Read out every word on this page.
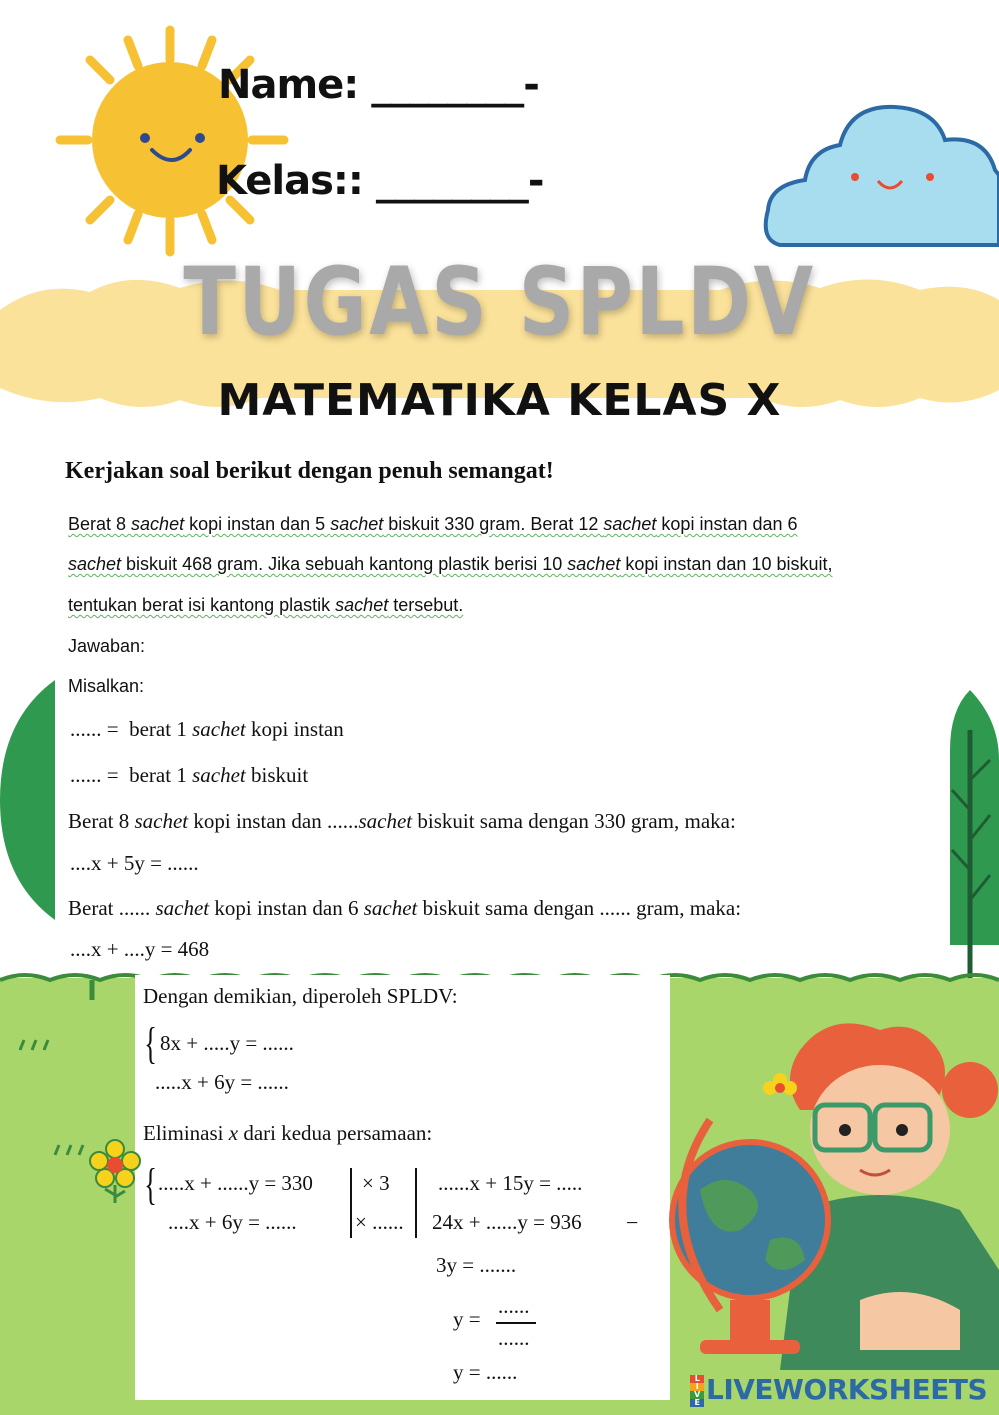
Name: ________-
Kelas:: ________-
TUGAS SPLDV
MATEMATIKA KELAS X
Kerjakan soal berikut dengan penuh semangat!
Berat 8 sachet kopi instan dan 5 sachet biskuit 330 gram. Berat 12 sachet kopi instan dan 6
sachet biskuit 468 gram. Jika sebuah kantong plastik berisi 10 sachet kopi instan dan 10 biskuit,
tentukan berat isi kantong plastik sachet tersebut.
Jawaban:
Misalkan:
...... = berat 1 sachet kopi instan
...... = berat 1 sachet biskuit
Berat 8 sachet kopi instan dan ......sachet biskuit sama dengan 330 gram, maka:
....x + 5y = ......
Berat ...... sachet kopi instan dan 6 sachet biskuit sama dengan ...... gram, maka:
....x + ....y = 468
Dengan demikian, diperoleh SPLDV:
{ 8x + .....y = ......
.....x + 6y = ......
Eliminasi x dari kedua persamaan:
{ .....x + ......y = 330
....x + 6y = ......
× 3
× ......
......x + 15y = .....
24x + ......y = 936 −
3y = .......
y =
......
......
y = ......	L
I
V
E LIVEWORKSHEETS
